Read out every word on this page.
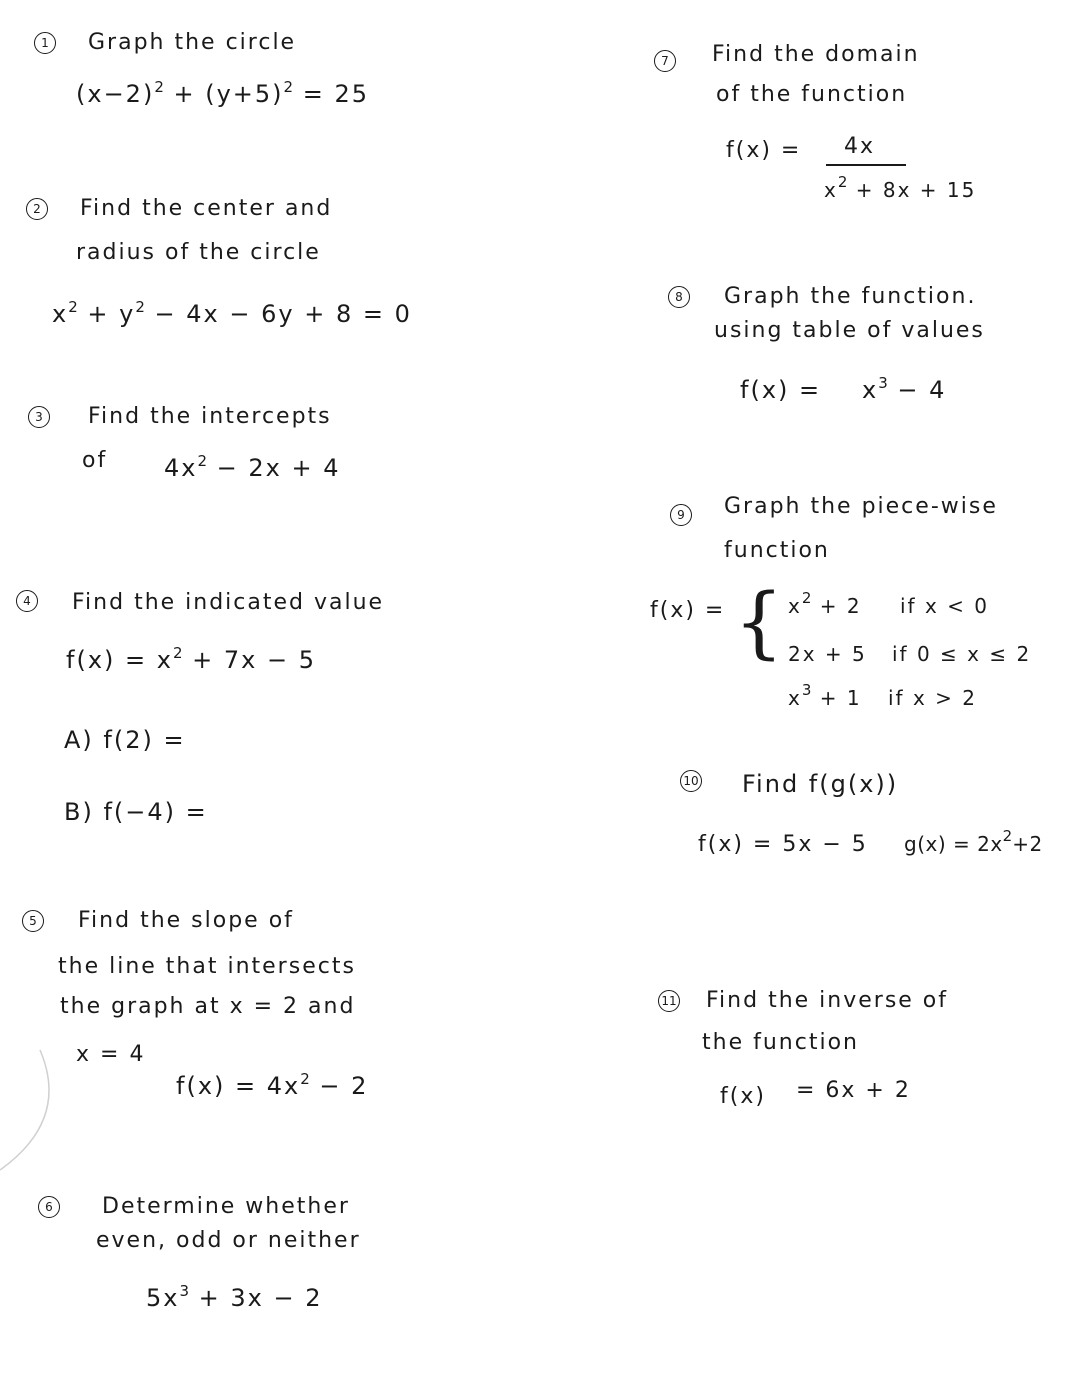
1	Graph the circle
$(x-2)^2 + (y+5)^2 = 25$
2	Find the center and
radius of the circle
$x^2 + y^2 - 4x - 6y + 8 = 0$
3	Find the intercepts
of $4x^2 - 2x + 4$
4	Find the indicated value
$f(x) = x^2 + 7x - 5$
A) f(2) =
B) f(−4) =
5	Find the slope of
the line that intersects
the graph at x = 2 and
x = 4
$f(x) = 4x^2 - 2$
6	Determine whether
even, odd or neither
$5x^3 + 3x - 2$
7	Find the domain
of the function
f(x) = 4x
$x^2 + 8x + 15$
8	Graph the function.
using table of values
$f(x) = x^3 - 4$
9	Graph the piece-wise
function
f(x) = { $x^2 + 2$ if x < 0
2x + 5 if 0 ≤ x ≤ 2
$x^3 + 1$ if x > 2
10 Find f(g(x))
f(x) = 5x − 5 $g(x) = 2x^2+2$
11 Find the inverse of
the function
f(x) = 6x + 2
